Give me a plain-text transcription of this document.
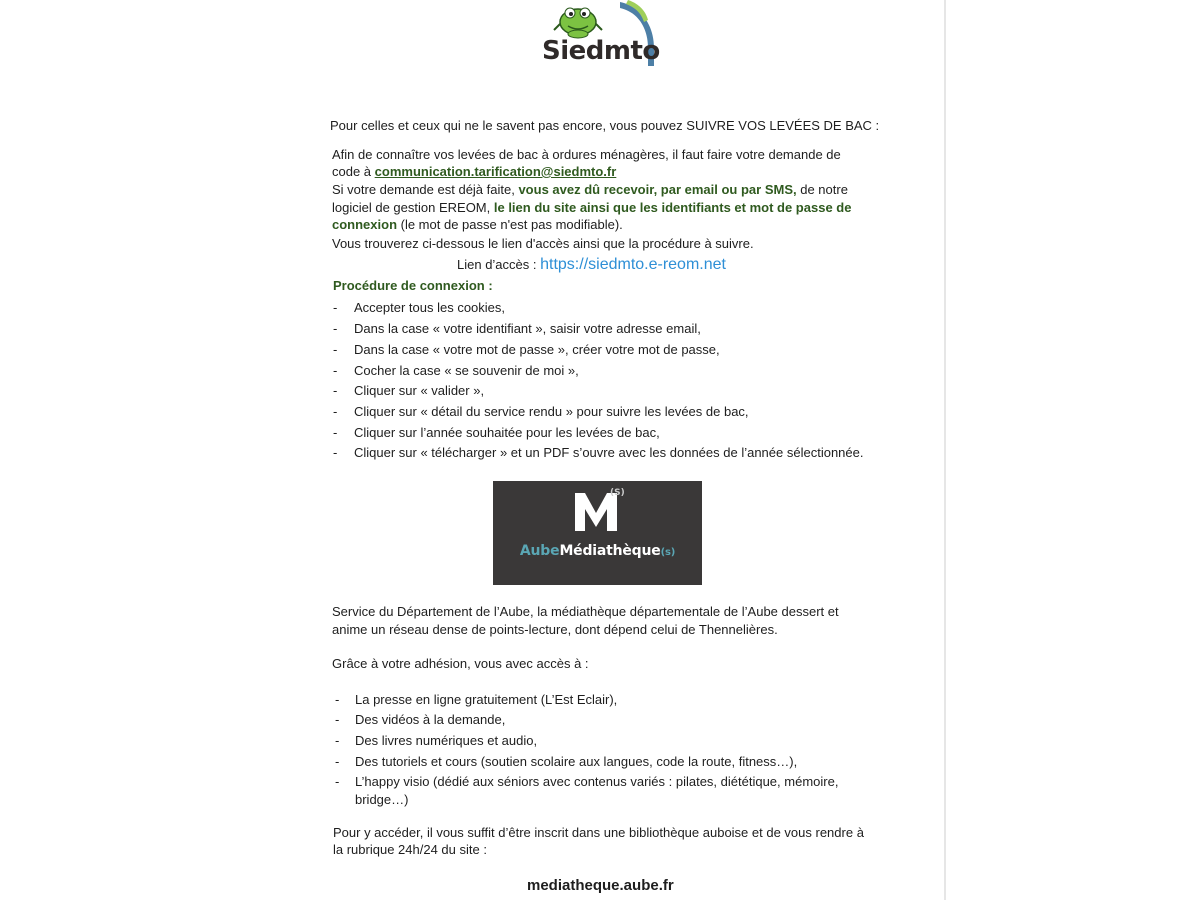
Siedmto
Pour celles et ceux qui ne le savent pas encore, vous pouvez SUIVRE VOS LEVÉES DE BAC :
Afin de connaître vos levées de bac à ordures ménagères, il faut faire votre demande de
code à communication.tarification@siedmto.fr
Si votre demande est déjà faite, vous avez dû recevoir, par email ou par SMS, de notre
logiciel de gestion EREOM, le lien du site ainsi que les identifiants et mot de passe de
connexion (le mot de passe n'est pas modifiable).
Vous trouverez ci-dessous le lien d'accès ainsi que la procédure à suivre.
Lien d’accès : https://siedmto.e-reom.net
Procédure de connexion :
- Accepter tous les cookies,
- Dans la case « votre identifiant », saisir votre adresse email,
- Dans la case « votre mot de passe », créer votre mot de passe,
- Cocher la case « se souvenir de moi »,
- Cliquer sur « valider »,
- Cliquer sur « détail du service rendu » pour suivre les levées de bac,
- Cliquer sur l’année souhaitée pour les levées de bac,
- Cliquer sur « télécharger » et un PDF s’ouvre avec les données de l’année sélectionnée.
(S)
AubeMédiathèque(s)
Service du Département de l’Aube, la médiathèque départementale de l’Aube dessert et
anime un réseau dense de points-lecture, dont dépend celui de Thennelières.
Grâce à votre adhésion, vous avec accès à :
- La presse en ligne gratuitement (L’Est Eclair),
- Des vidéos à la demande,
- Des livres numériques et audio,
- Des tutoriels et cours (soutien scolaire aux langues, code la route, fitness…),
- L’happy visio (dédié aux séniors avec contenus variés : pilates, diététique, mémoire,
bridge…)
Pour y accéder, il vous suffit d’être inscrit dans une bibliothèque auboise et de vous rendre à
la rubrique 24h/24 du site :
mediatheque.aube.fr
